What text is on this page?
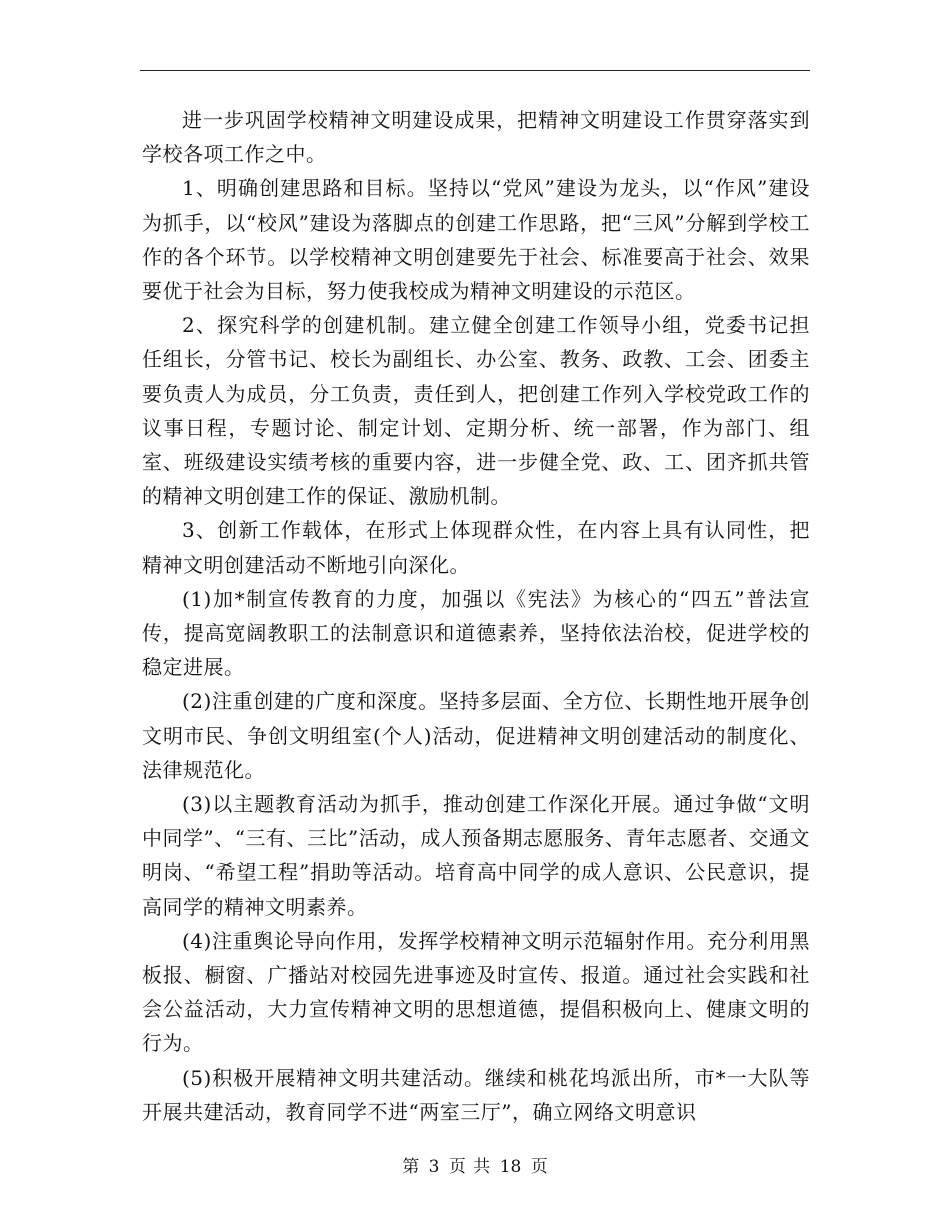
进一步巩固学校精神文明建设成果，把精神文明建设工作贯穿落实到学校各项工作之中。

1、明确创建思路和目标。坚持以“党风”建设为龙头，以“作风”建设为抓手，以“校风”建设为落脚点的创建工作思路，把“三风”分解到学校工作的各个环节。以学校精神文明创建要先于社会、标准要高于社会、效果要优于社会为目标，努力使我校成为精神文明建设的示范区。

2、探究科学的创建机制。建立健全创建工作领导小组，党委书记担任组长，分管书记、校长为副组长、办公室、教务、政教、工会、团委主要负责人为成员，分工负责，责任到人，把创建工作列入学校党政工作的议事日程，专题讨论、制定计划、定期分析、统一部署，作为部门、组室、班级建设实绩考核的重要内容，进一步健全党、政、工、团齐抓共管的精神文明创建工作的保证、激励机制。

3、创新工作载体，在形式上体现群众性，在内容上具有认同性，把精神文明创建活动不断地引向深化。

(1)加*制宣传教育的力度，加强以《宪法》为核心的“四五”普法宣传，提高宽阔教职工的法制意识和道德素养，坚持依法治校，促进学校的稳定进展。

(2)注重创建的广度和深度。坚持多层面、全方位、长期性地开展争创文明市民、争创文明组室(个人)活动，促进精神文明创建活动的制度化、法律规范化。

(3)以主题教育活动为抓手，推动创建工作深化开展。通过争做“文明中同学”、“三有、三比”活动，成人预备期志愿服务、青年志愿者、交通文明岗、“希望工程”捐助等活动。培育高中同学的成人意识、公民意识，提高同学的精神文明素养。

(4)注重舆论导向作用，发挥学校精神文明示范辐射作用。充分利用黑板报、橱窗、广播站对校园先进事迹及时宣传、报道。通过社会实践和社会公益活动，大力宣传精神文明的思想道德，提倡积极向上、健康文明的行为。

(5)积极开展精神文明共建活动。继续和桃花坞派出所，市*一大队等开展共建活动，教育同学不进“两室三厅”，确立网络文明意识

第 3 页 共 18 页
